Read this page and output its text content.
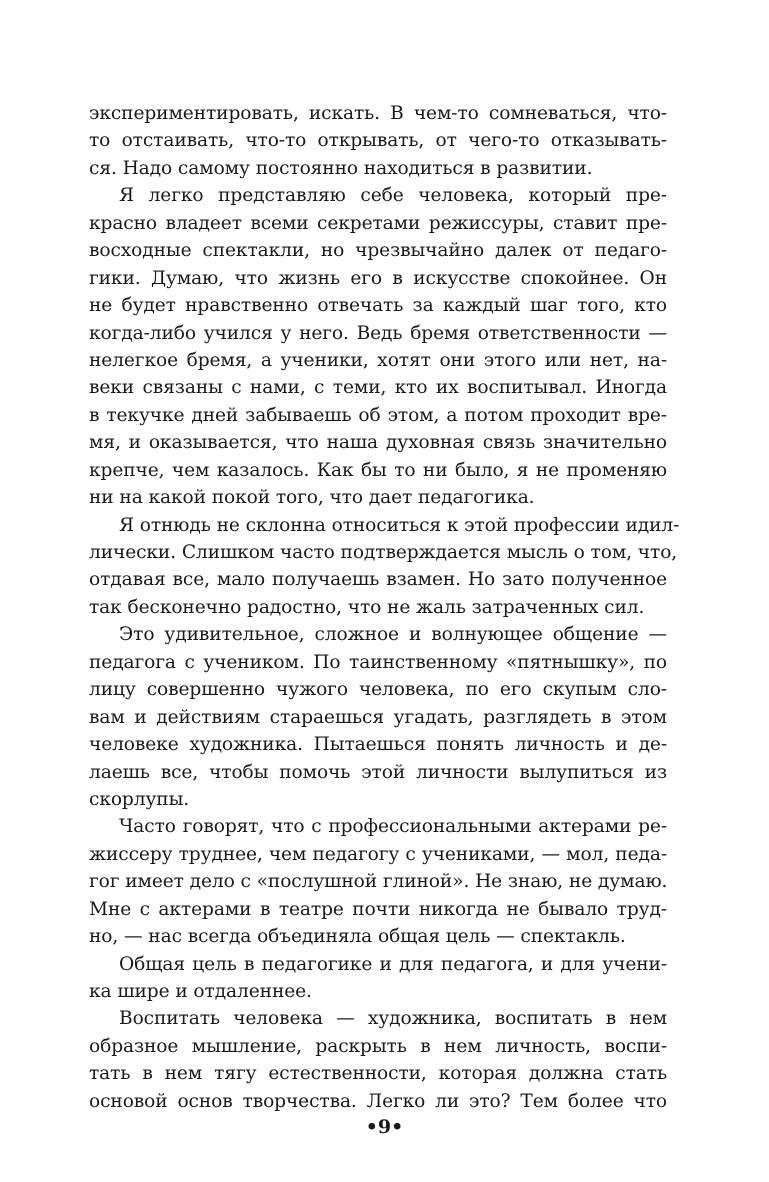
экспериментировать, искать. В чем-то сомневаться, что-
то отстаивать, что-то открывать, от чего-то отказывать-
ся. Надо самому постоянно находиться в развитии.
Я легко представляю себе человека, который пре-
красно владеет всеми секретами режиссуры, ставит пре-
восходные спектакли, но чрезвычайно далек от педаго-
гики. Думаю, что жизнь его в искусстве спокойнее. Он
не будет нравственно отвечать за каждый шаг того, кто
когда-либо учился у него. Ведь бремя ответственности —
нелегкое бремя, а ученики, хотят они этого или нет, на-
веки связаны с нами, с теми, кто их воспитывал. Иногда
в текучке дней забываешь об этом, а потом проходит вре-
мя, и оказывается, что наша духовная связь значительно
крепче, чем казалось. Как бы то ни было, я не променяю
ни на какой покой того, что дает педагогика.
Я отнюдь не склонна относиться к этой профессии идил-
лически. Слишком часто подтверждается мысль о том, что,
отдавая все, мало получаешь взамен. Но зато полученное
так бесконечно радостно, что не жаль затраченных сил.
Это удивительное, сложное и волнующее общение —
педагога с учеником. По таинственному «пятнышку», по
лицу совершенно чужого человека, по его скупым сло-
вам и действиям стараешься угадать, разглядеть в этом
человеке художника. Пытаешься понять личность и де-
лаешь все, чтобы помочь этой личности вылупиться из
скорлупы.
Часто говорят, что с профессиональными актерами ре-
жиссеру труднее, чем педагогу с учениками, — мол, педа-
гог имеет дело с «послушной глиной». Не знаю, не думаю.
Мне с актерами в театре почти никогда не бывало труд-
но, — нас всегда объединяла общая цель — спектакль.
Общая цель в педагогике и для педагога, и для учени-
ка шире и отдаленнее.
Воспитать человека — художника, воспитать в нем
образное мышление, раскрыть в нем личность, воспи-
тать в нем тягу естественности, которая должна стать
основой основ творчества. Легко ли это? Тем более что
•9•
